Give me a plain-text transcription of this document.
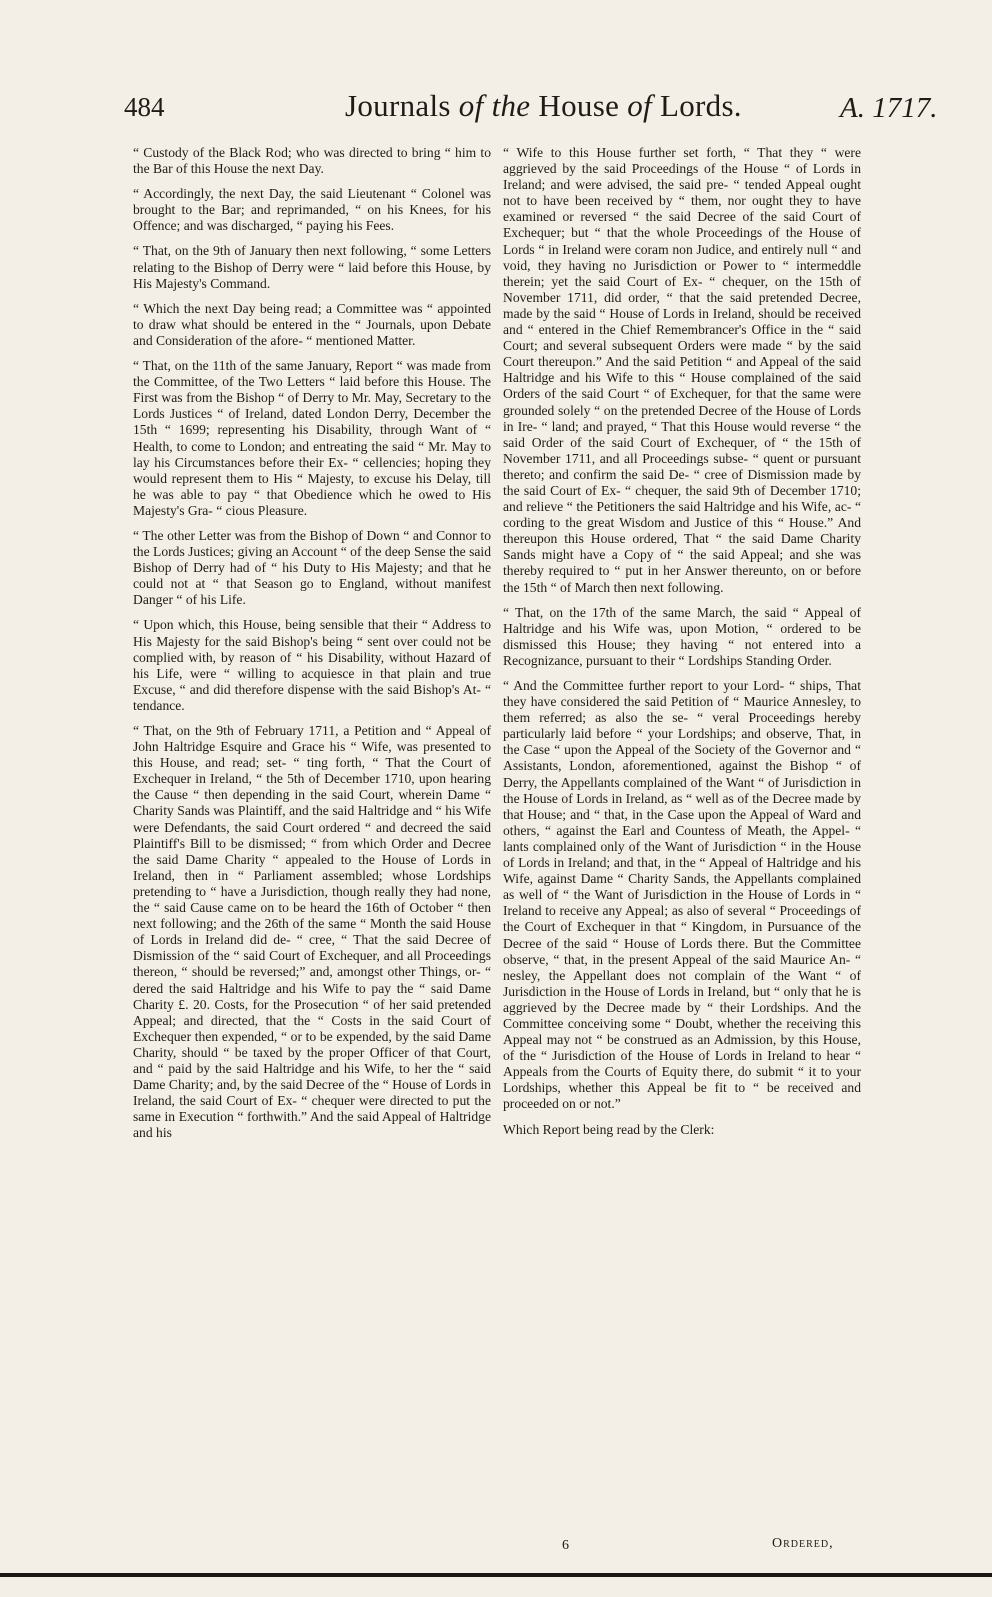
484	Journals of the House of Lords.	A. 1717.

“ Custody of the Black Rod; who was directed to bring “ him to the Bar of this House the next Day.

“ Accordingly, the next Day, the said Lieutenant “ Colonel was brought to the Bar; and reprimanded, “ on his Knees, for his Offence; and was discharged, “ paying his Fees.

“ That, on the 9th of January then next following, “ some Letters relating to the Bishop of Derry were “ laid before this House, by His Majesty's Command.

“ Which the next Day being read; a Committee was “ appointed to draw what should be entered in the “ Journals, upon Debate and Consideration of the afore- “ mentioned Matter.

“ That, on the 11th of the same January, Report “ was made from the Committee, of the Two Letters “ laid before this House. The First was from the Bishop “ of Derry to Mr. May, Secretary to the Lords Justices “ of Ireland, dated London Derry, December the 15th “ 1699; representing his Disability, through Want of “ Health, to come to London; and entreating the said “ Mr. May to lay his Circumstances before their Ex- “ cellencies; hoping they would represent them to His “ Majesty, to excuse his Delay, till he was able to pay “ that Obedience which he owed to His Majesty's Gra- “ cious Pleasure.

“ The other Letter was from the Bishop of Down “ and Connor to the Lords Justices; giving an Account “ of the deep Sense the said Bishop of Derry had of “ his Duty to His Majesty; and that he could not at “ that Season go to England, without manifest Danger “ of his Life.

“ Upon which, this House, being sensible that their “ Address to His Majesty for the said Bishop's being “ sent over could not be complied with, by reason of “ his Disability, without Hazard of his Life, were “ willing to acquiesce in that plain and true Excuse, “ and did therefore dispense with the said Bishop's At- “ tendance.

“ That, on the 9th of February 1711, a Petition and “ Appeal of John Haltridge Esquire and Grace his “ Wife, was presented to this House, and read; set- “ ting forth, “ That the Court of Exchequer in Ireland, “ the 5th of December 1710, upon hearing the Cause “ then depending in the said Court, wherein Dame “ Charity Sands was Plaintiff, and the said Haltridge and “ his Wife were Defendants, the said Court ordered “ and decreed the said Plaintiff's Bill to be dismissed; “ from which Order and Decree the said Dame Charity “ appealed to the House of Lords in Ireland, then in “ Parliament assembled; whose Lordships pretending to “ have a Jurisdiction, though really they had none, the “ said Cause came on to be heard the 16th of October “ then next following; and the 26th of the same “ Month the said House of Lords in Ireland did de- “ cree, “ That the said Decree of Dismission of the “ said Court of Exchequer, and all Proceedings thereon, “ should be reversed;” and, amongst other Things, or- “ dered the said Haltridge and his Wife to pay the “ said Dame Charity £. 20. Costs, for the Prosecution “ of her said pretended Appeal; and directed, that the “ Costs in the said Court of Exchequer then expended, “ or to be expended, by the said Dame Charity, should “ be taxed by the proper Officer of that Court, and “ paid by the said Haltridge and his Wife, to her the “ said Dame Charity; and, by the said Decree of the “ House of Lords in Ireland, the said Court of Ex- “ chequer were directed to put the same in Execution “ forthwith.” And the said Appeal of Haltridge and his

“ Wife to this House further set forth, “ That they “ were aggrieved by the said Proceedings of the House “ of Lords in Ireland; and were advised, the said pre- “ tended Appeal ought not to have been received by “ them, nor ought they to have examined or reversed “ the said Decree of the said Court of Exchequer; but “ that the whole Proceedings of the House of Lords “ in Ireland were coram non Judice, and entirely null “ and void, they having no Jurisdiction or Power to “ intermeddle therein; yet the said Court of Ex- “ chequer, on the 15th of November 1711, did order, “ that the said pretended Decree, made by the said “ House of Lords in Ireland, should be received and “ entered in the Chief Remembrancer's Office in the “ said Court; and several subsequent Orders were made “ by the said Court thereupon.” And the said Petition “ and Appeal of the said Haltridge and his Wife to this “ House complained of the said Orders of the said Court “ of Exchequer, for that the same were grounded solely “ on the pretended Decree of the House of Lords in Ire- “ land; and prayed, “ That this House would reverse “ the said Order of the said Court of Exchequer, of “ the 15th of November 1711, and all Proceedings subse- “ quent or pursuant thereto; and confirm the said De- “ cree of Dismission made by the said Court of Ex- “ chequer, the said 9th of December 1710; and relieve “ the Petitioners the said Haltridge and his Wife, ac- “ cording to the great Wisdom and Justice of this “ House.” And thereupon this House ordered, That “ the said Dame Charity Sands might have a Copy of “ the said Appeal; and she was thereby required to “ put in her Answer thereunto, on or before the 15th “ of March then next following.

“ That, on the 17th of the same March, the said “ Appeal of Haltridge and his Wife was, upon Motion, “ ordered to be dismissed this House; they having “ not entered into a Recognizance, pursuant to their “ Lordships Standing Order.

“ And the Committee further report to your Lord- “ ships, That they have considered the said Petition of “ Maurice Annesley, to them referred; as also the se- “ veral Proceedings hereby particularly laid before “ your Lordships; and observe, That, in the Case “ upon the Appeal of the Society of the Governor and “ Assistants, London, aforementioned, against the Bishop “ of Derry, the Appellants complained of the Want “ of Jurisdiction in the House of Lords in Ireland, as “ well as of the Decree made by that House; and “ that, in the Case upon the Appeal of Ward and others, “ against the Earl and Countess of Meath, the Appel- “ lants complained only of the Want of Jurisdiction “ in the House of Lords in Ireland; and that, in the “ Appeal of Haltridge and his Wife, against Dame “ Charity Sands, the Appellants complained as well of “ the Want of Jurisdiction in the House of Lords in “ Ireland to receive any Appeal; as also of several “ Proceedings of the Court of Exchequer in that “ Kingdom, in Pursuance of the Decree of the said “ House of Lords there. But the Committee observe, “ that, in the present Appeal of the said Maurice An- “ nesley, the Appellant does not complain of the Want “ of Jurisdiction in the House of Lords in Ireland, but “ only that he is aggrieved by the Decree made by “ their Lordships. And the Committee conceiving some “ Doubt, whether the receiving this Appeal may not “ be construed as an Admission, by this House, of the “ Jurisdiction of the House of Lords in Ireland to hear “ Appeals from the Courts of Equity there, do submit “ it to your Lordships, whether this Appeal be fit to “ be received and proceeded on or not.”

Which Report being read by the Clerk:

6	Ordered,
